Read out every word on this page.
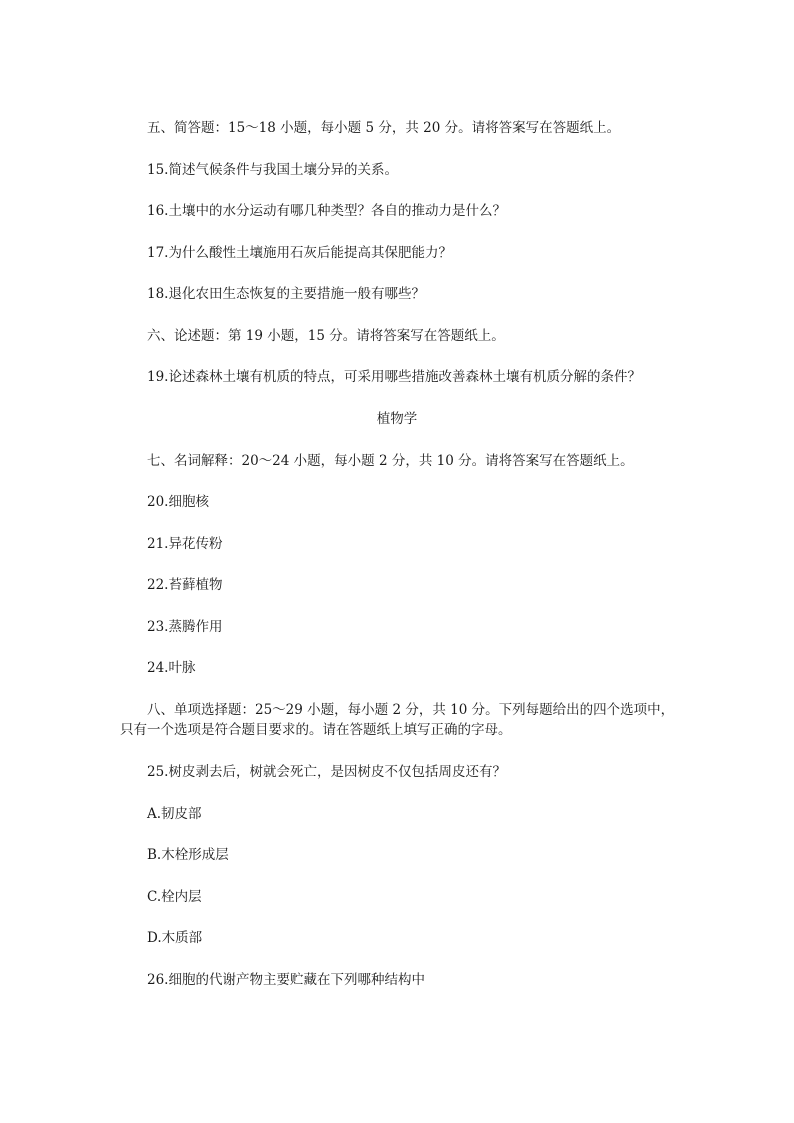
五、简答题：15～18 小题，每小题 5 分，共 20 分。请将答案写在答题纸上。
15.简述气候条件与我国土壤分异的关系。
16.土壤中的水分运动有哪几种类型？各自的推动力是什么？
17.为什么酸性土壤施用石灰后能提高其保肥能力？
18.退化农田生态恢复的主要措施一般有哪些？
六、论述题：第 19 小题，15 分。请将答案写在答题纸上。
19.论述森林土壤有机质的特点，可采用哪些措施改善森林土壤有机质分解的条件？
植物学
七、名词解释：20～24 小题，每小题 2 分，共 10 分。请将答案写在答题纸上。
20.细胞核
21.异花传粉
22.苔藓植物
23.蒸腾作用
24.叶脉
八、单项选择题：25～29 小题，每小题 2 分，共 10 分。下列每题给出的四个选项中，
只有一个选项是符合题目要求的。请在答题纸上填写正确的字母。
25.树皮剥去后，树就会死亡，是因树皮不仅包括周皮还有？
A.韧皮部
B.木栓形成层
C.栓内层
D.木质部
26.细胞的代谢产物主要贮藏在下列哪种结构中
